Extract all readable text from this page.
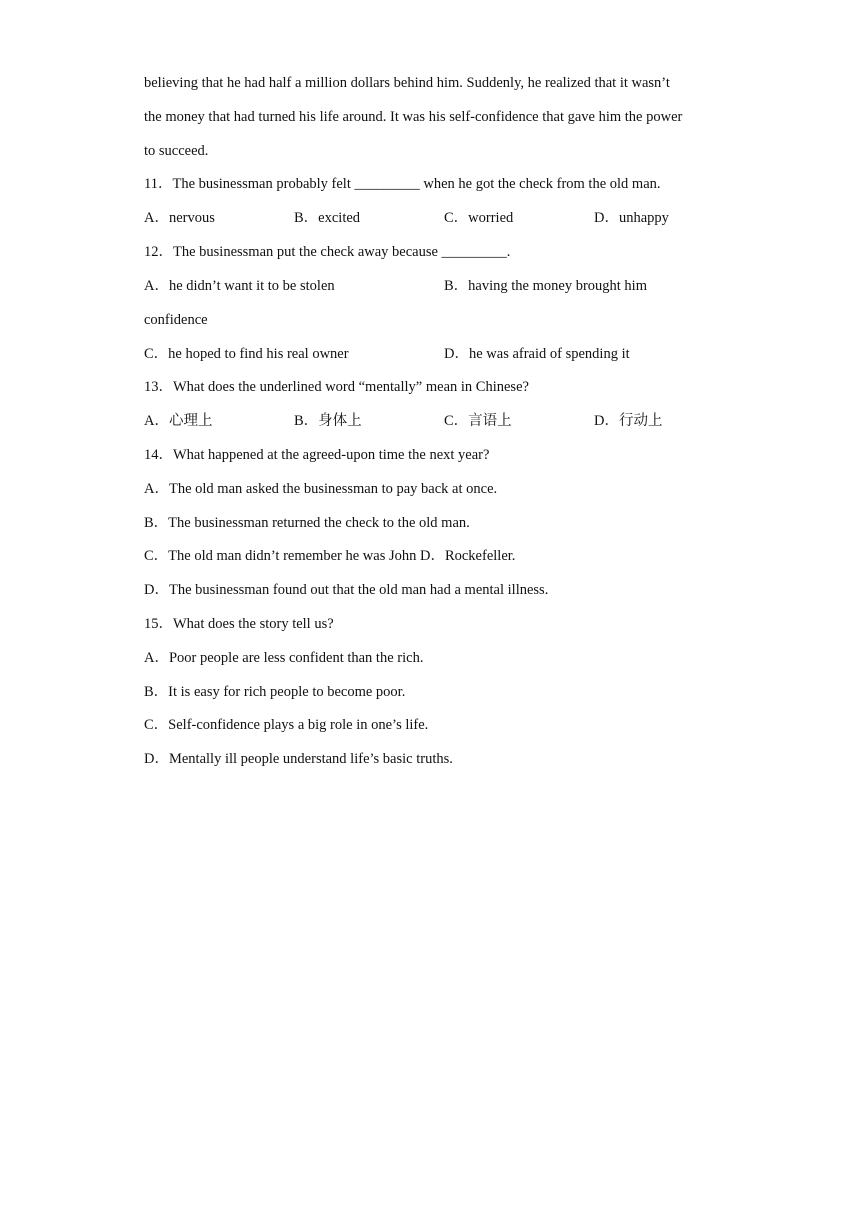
believing that he had half a million dollars behind him. Suddenly, he realized that it wasn’t
the money that had turned his life around. It was his self-confidence that gave him the power
to succeed.
11．The businessman probably felt _________ when he got the check from the old man.
A．nervous	B．excited	C．worried	D．unhappy
12．The businessman put the check away because _________.
A．he didn’t want it to be stolen	B．having the money brought him
confidence
C．he hoped to find his real owner	D．he was afraid of spending it
13．What does the underlined word “mentally” mean in Chinese?
A．心理上	B．身体上	C．言语上	D．行动上
14．What happened at the agreed-upon time the next year?
A．The old man asked the businessman to pay back at once.
B．The businessman returned the check to the old man.
C．The old man didn’t remember he was John D．Rockefeller.
D．The businessman found out that the old man had a mental illness.
15．What does the story tell us?
A．Poor people are less confident than the rich.
B．It is easy for rich people to become poor.
C．Self-confidence plays a big role in one’s life.
D．Mentally ill people understand life’s basic truths.
